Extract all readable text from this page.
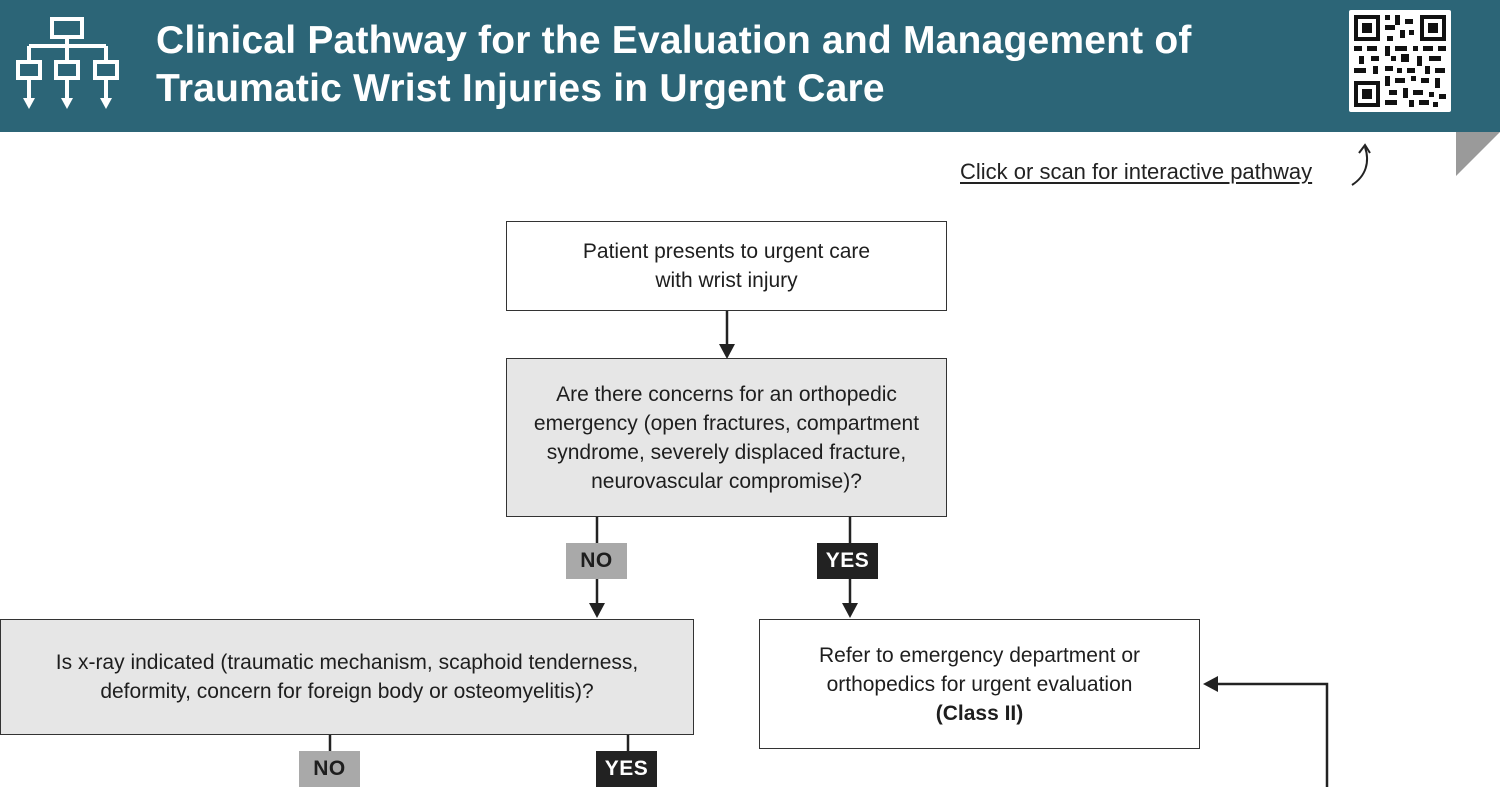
Clinical Pathway for the Evaluation and Management of
Traumatic Wrist Injuries in Urgent Care
Click or scan for interactive pathway
Patient presents to urgent care
with wrist injury
Are there concerns for an orthopedic
emergency (open fractures, compartment
syndrome, severely displaced fracture,
neurovascular compromise)?
NO	YES
Is x-ray indicated (traumatic mechanism, scaphoid tenderness,
deformity, concern for foreign body or osteomyelitis)?
Refer to emergency department or
orthopedics for urgent evaluation
(Class II)
NO	YES
